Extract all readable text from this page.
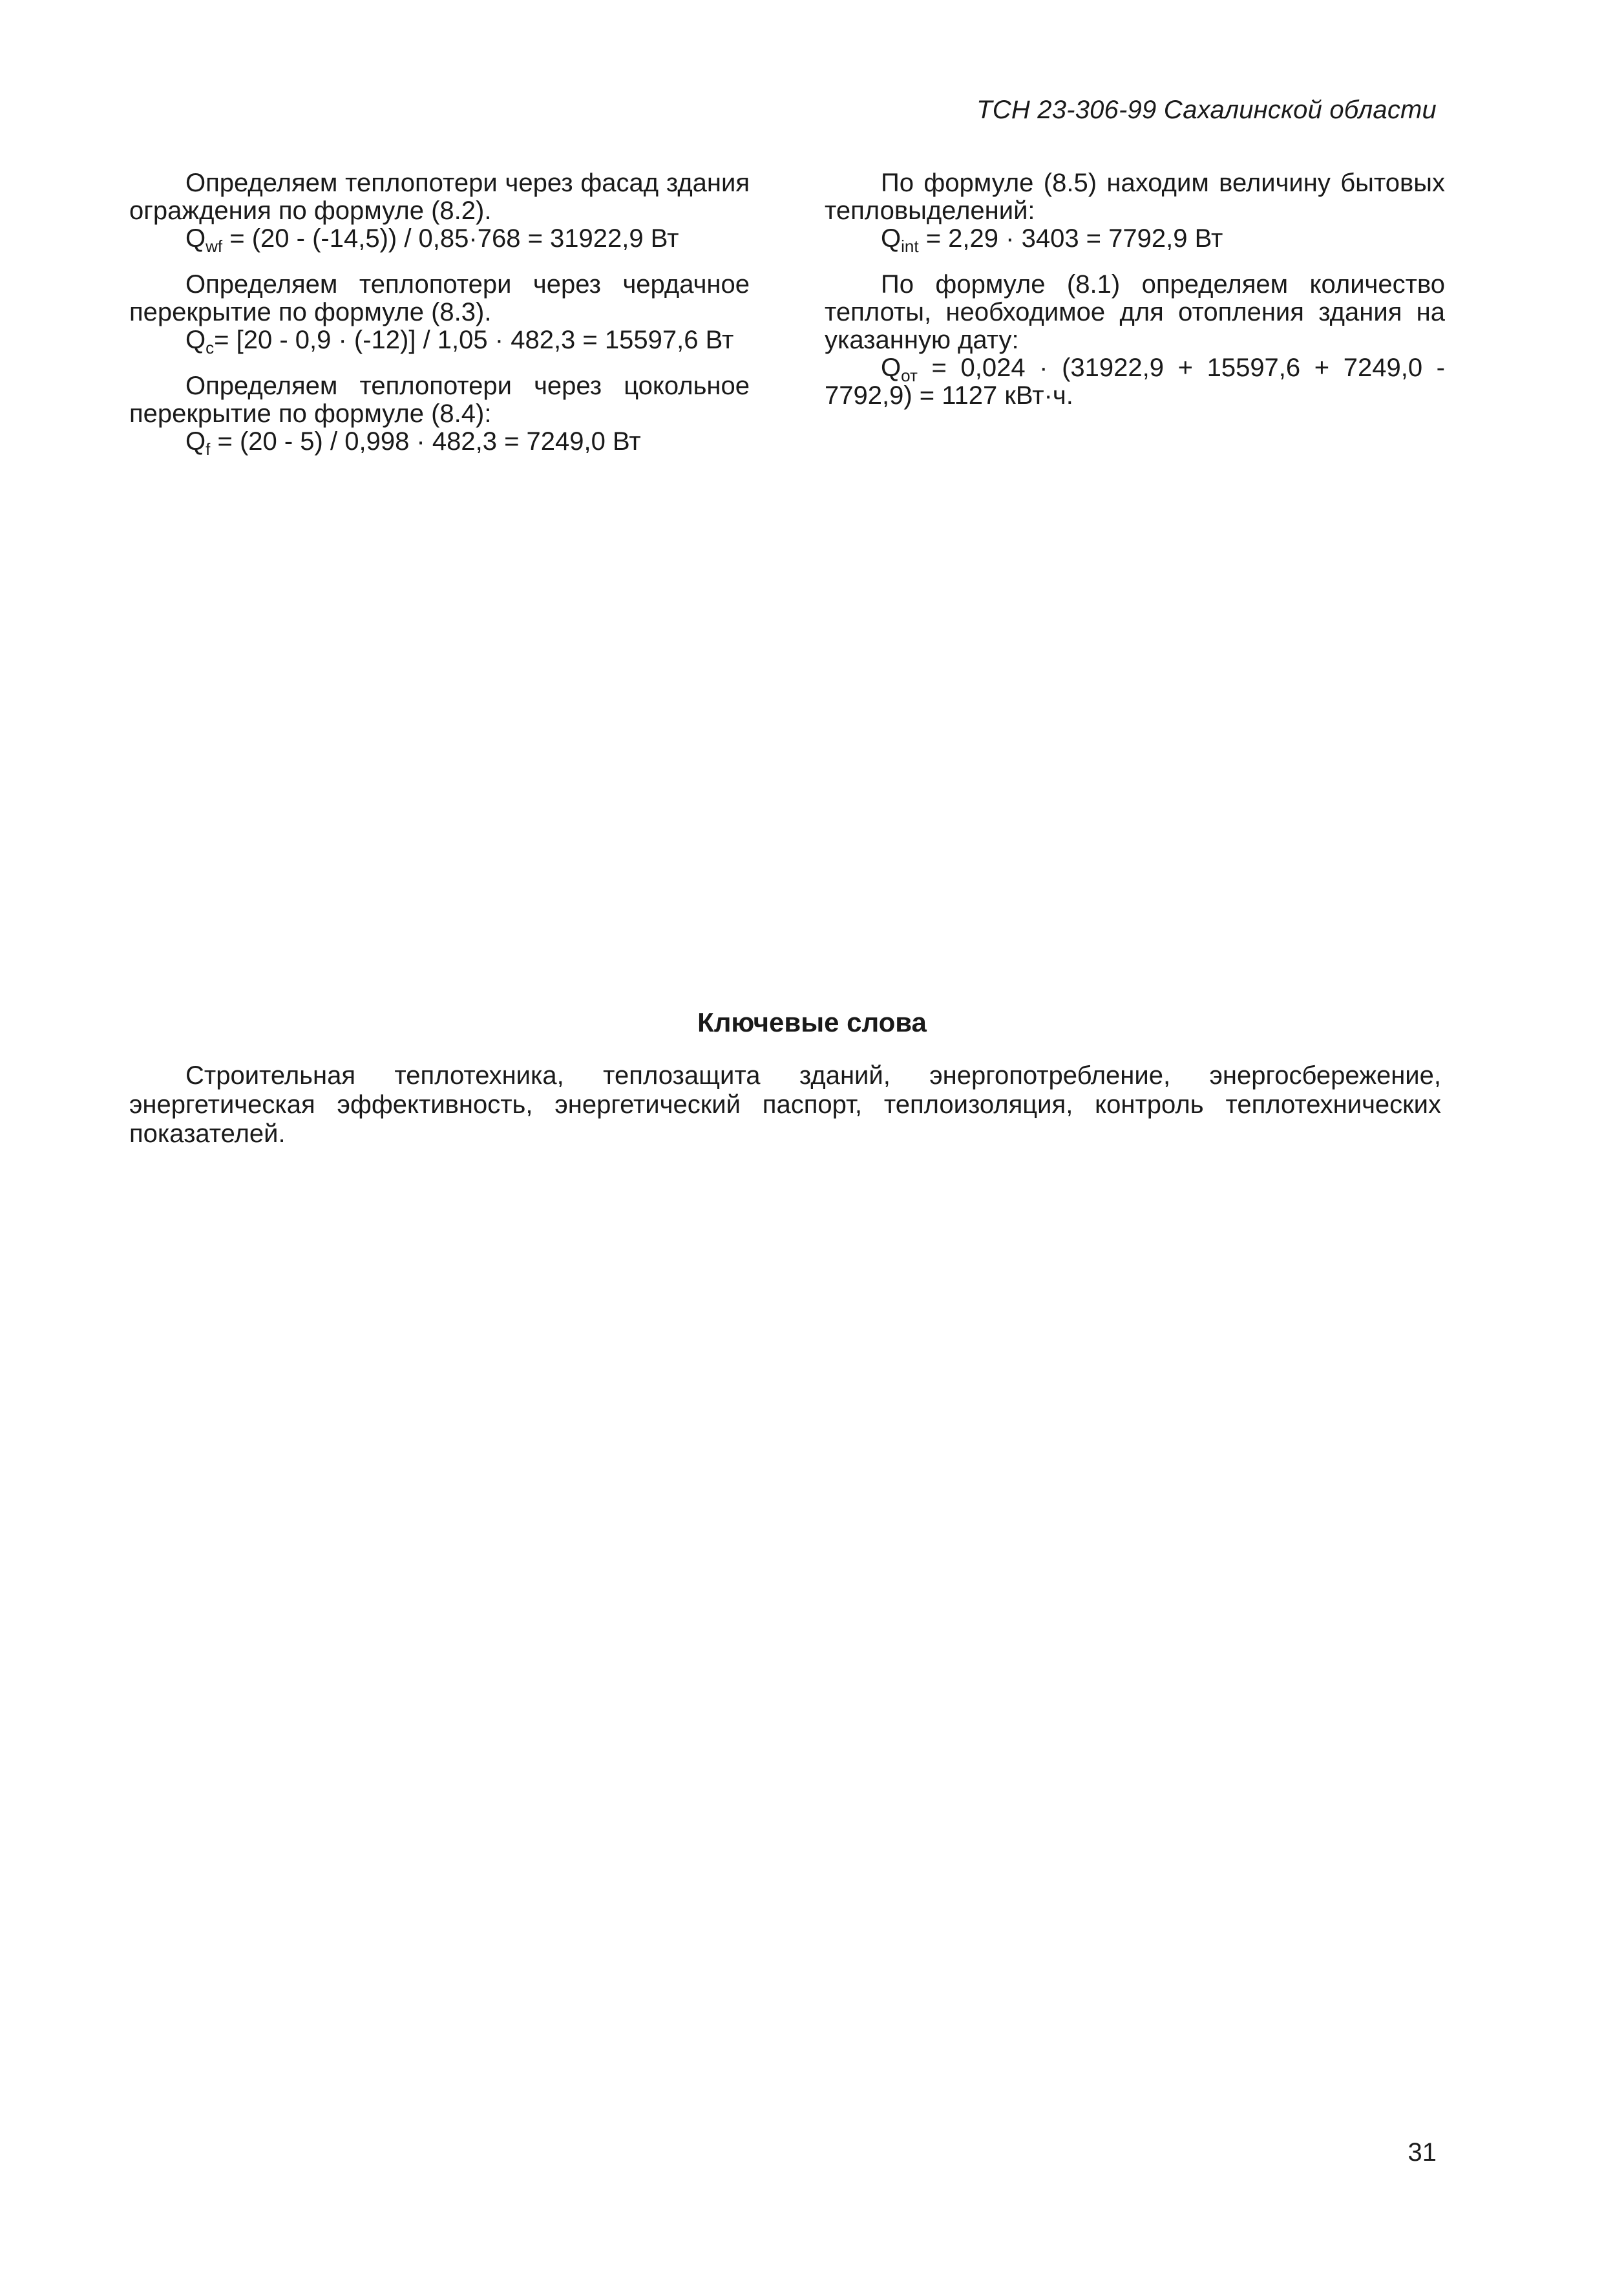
ТСН 23-306-99 Сахалинской области

Определяем теплопотери через фасад здания ограждения по формуле (8.2).

$Q_{wf} = (20 - (-14,5)) / 0,85\cdot 768 = 31922,9$ Вт

Определяем теплопотери через чердачное перекрытие по формуле (8.3).

$Q_c= [20 - 0,9 \cdot (-12)] / 1,05 \cdot 482,3 = 15597,6$ Вт

Определяем теплопотери через цокольное перекрытие по формуле (8.4):

$Q_f = (20 - 5) / 0,998 \cdot 482,3 = 7249,0$ Вт

По формуле (8.5) находим величину бытовых тепловыделений:

$Q_{int} = 2,29 \cdot 3403 = 7792,9$ Вт

По формуле (8.1) определяем количество теплоты, необходимое для отопления здания на указанную дату:

$Q_{от} = 0,024 \cdot (31922,9 + 15597,6 + 7249,0 - 7792,9) = 1127$ кВт·ч.

Ключевые слова

Строительная теплотехника, теплозащита зданий, энергопотребление, энергосбережение, энергетическая эффективность, энергетический паспорт, теплоизоляция, контроль теплотехнических показателей.

31
